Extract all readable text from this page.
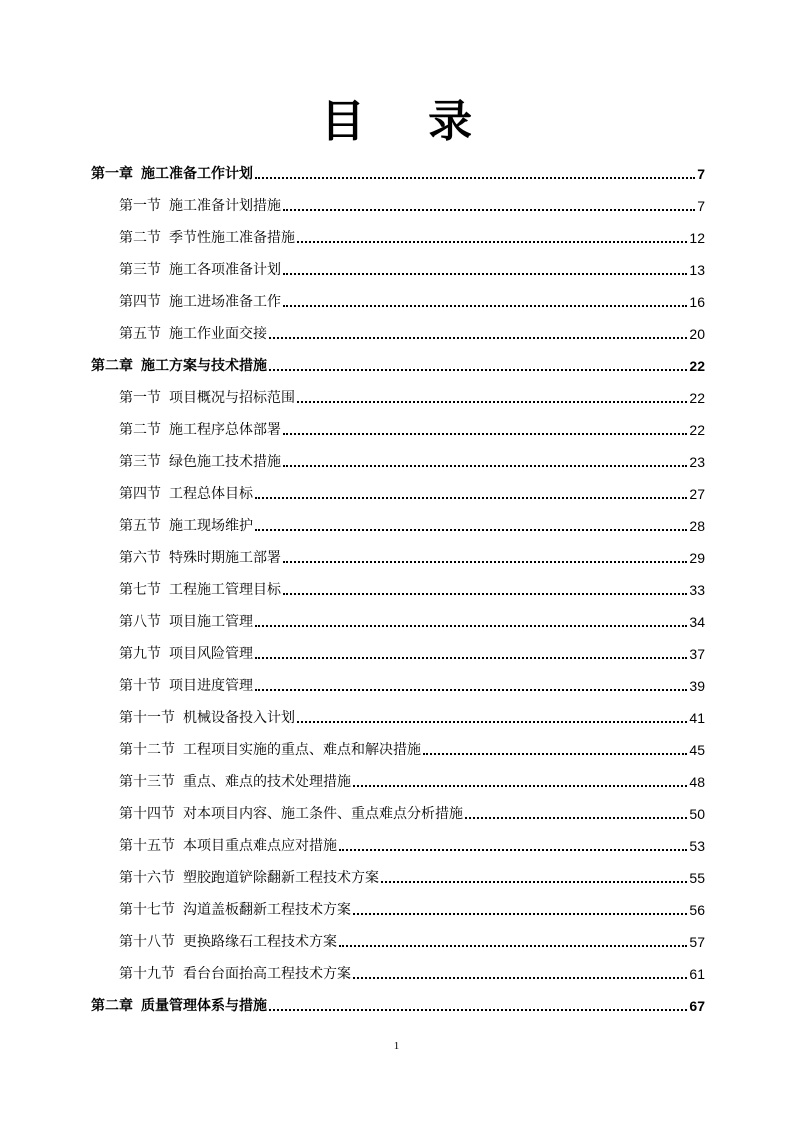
目 录
第一章 施工准备工作计划	7
第一节 施工准备计划措施	7
第二节 季节性施工准备措施	12
第三节 施工各项准备计划	13
第四节 施工进场准备工作	16
第五节 施工作业面交接	20
第二章 施工方案与技术措施	22
第一节 项目概况与招标范围	22
第二节 施工程序总体部署	22
第三节 绿色施工技术措施	23
第四节 工程总体目标	27
第五节 施工现场维护	28
第六节 特殊时期施工部署	29
第七节 工程施工管理目标	33
第八节 项目施工管理	34
第九节 项目风险管理	37
第十节 项目进度管理	39
第十一节 机械设备投入计划	41
第十二节 工程项目实施的重点、难点和解决措施	45
第十三节 重点、难点的技术处理措施	48
第十四节 对本项目内容、施工条件、重点难点分析措施	50
第十五节 本项目重点难点应对措施	53
第十六节 塑胶跑道铲除翻新工程技术方案	55
第十七节 沟道盖板翻新工程技术方案	56
第十八节 更换路缘石工程技术方案	57
第十九节 看台台面抬高工程技术方案	61
第二章 质量管理体系与措施	67
1
